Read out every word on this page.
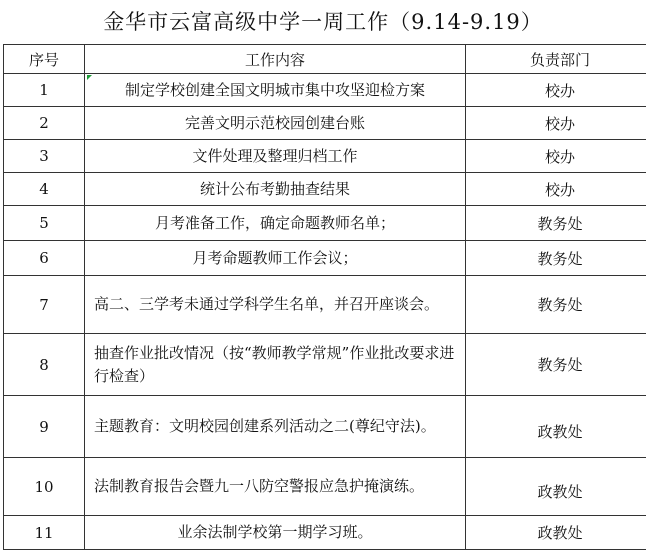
金华市云富高级中学一周工作（9.14-9.19）
序号	工作内容	负责部门
1	制定学校创建全国文明城市集中攻坚迎检方案	校办
2	完善文明示范校园创建台账	校办
3	文件处理及整理归档工作	校办
4	统计公布考勤抽查结果	校办
5	月考准备工作，确定命题教师名单；	教务处
6	月考命题教师工作会议；	教务处
7	高二、三学考未通过学科学生名单，并召开座谈会。	教务处
8	抽查作业批改情况（按“教师教学常规”作业批改要求进行检查）	教务处
9	主题教育：文明校园创建系列活动之二(尊纪守法)。	政教处
10	法制教育报告会暨九一八防空警报应急护掩演练。	政教处
11	业余法制学校第一期学习班。	政教处
